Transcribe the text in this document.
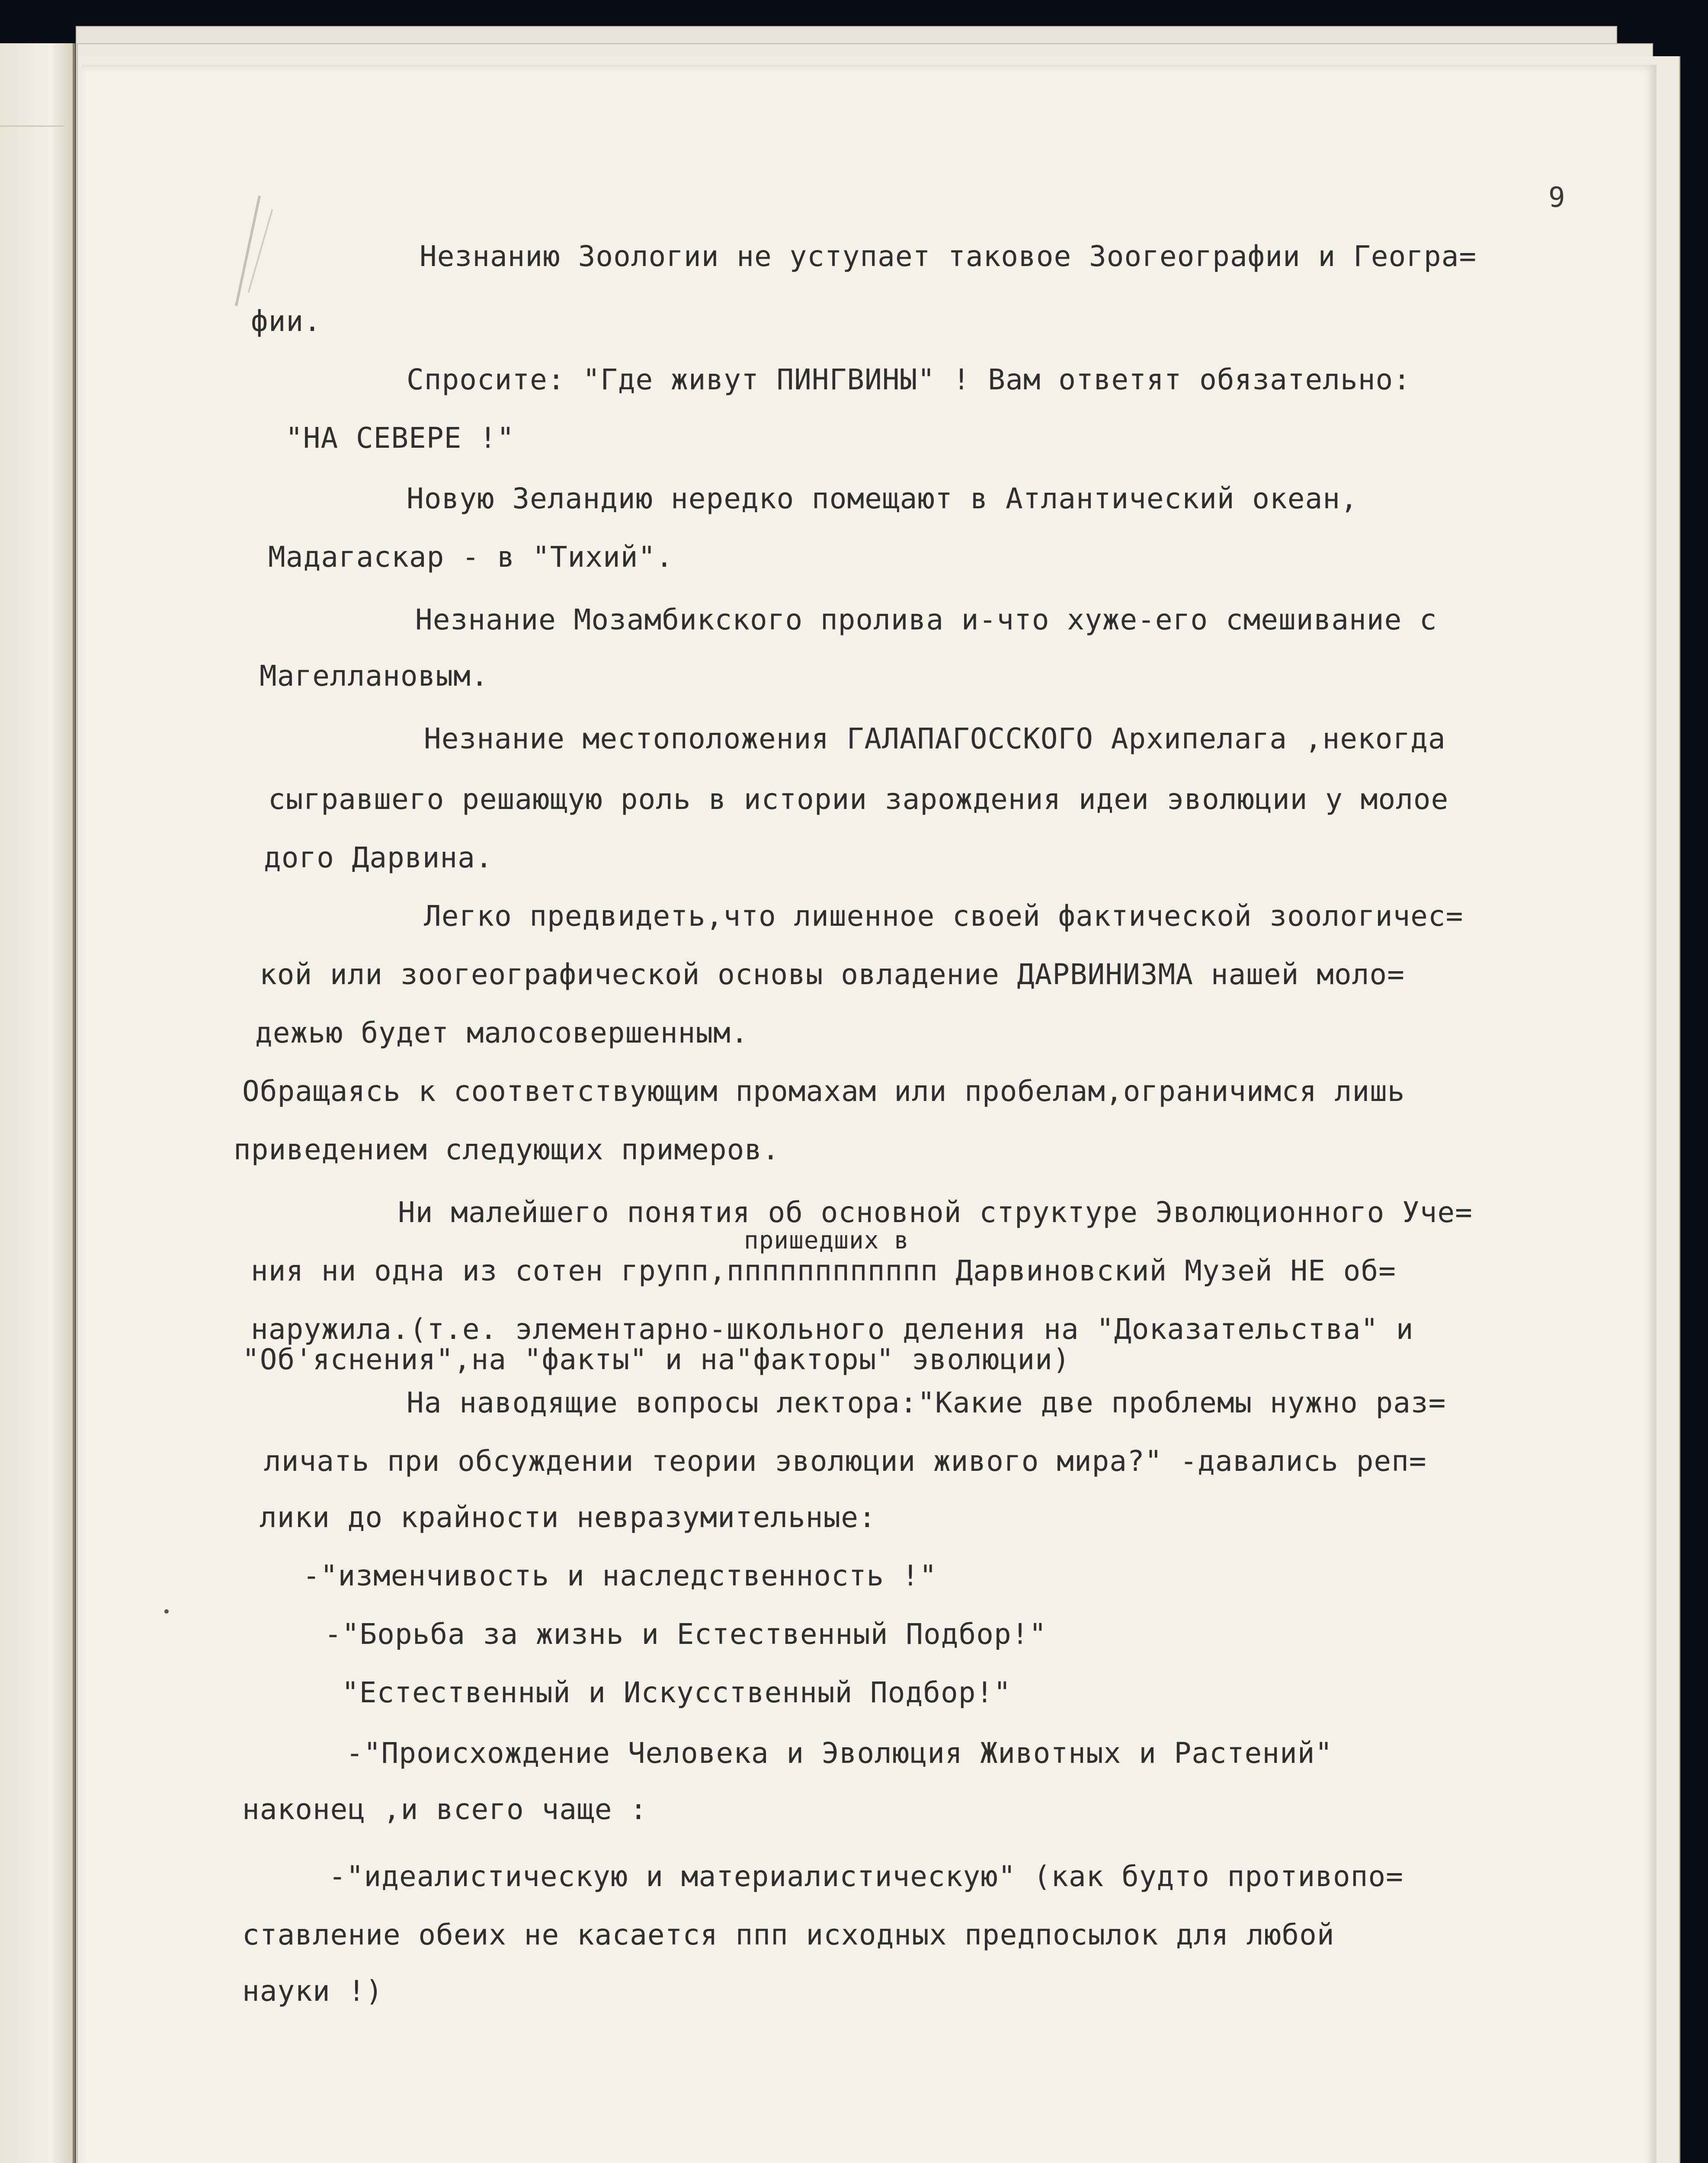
9
Незнанию Зоологии не уступает таковое Зоогеографии и Геогра=
фии.
Спросите: "Где живут ПИНГВИНЫ" ! Вам ответят обязательно:
"НА СЕВЕРЕ !"
Новую Зеландию нередко помещают в Атлантический океан,
Мадагаскар - в "Тихий".
Незнание Мозамбикского пролива и-что хуже-его смешивание с
Магеллановым.
Незнание местоположения ГАЛАПАГОССКОГО Архипелага ,некогда
сыгравшего решающую роль в истории зарождения идеи эволюции у молое
дого Дарвина.
Легко предвидеть,что лишенное своей фактической зоологичес=
кой или зоогеографической основы овладение ДАРВИНИЗМА нашей моло=
дежью будет малосовершенным.
Обращаясь к соответствующим промахам или пробелам,ограничимся лишь
приведением следующих примеров.
Ни малейшего понятия об основной структуре Эволюционного Уче=
пришедших в
ния ни одна из сотен групп,пппппппппппп Дарвиновский Музей НЕ об=
наружила.(т.е. элементарно-школьного деления на "Доказательства" и
"Об'яснения",на "факты" и на"факторы" эволюции)
На наводящие вопросы лектора:"Какие две проблемы нужно раз=
личать при обсуждении теории эволюции живого мира?" -давались реп=
лики до крайности невразумительные:
-"изменчивость и наследственность !"
-"Борьба за жизнь и Естественный Подбор!"
"Естественный и Искусственный Подбор!"
-"Происхождение Человека и Эволюция Животных и Растений"
наконец ,и всего чаще :
-"идеалистическую и материалистическую" (как будто противопо=
ставление обеих не касается ппп исходных предпосылок для любой
науки !)
